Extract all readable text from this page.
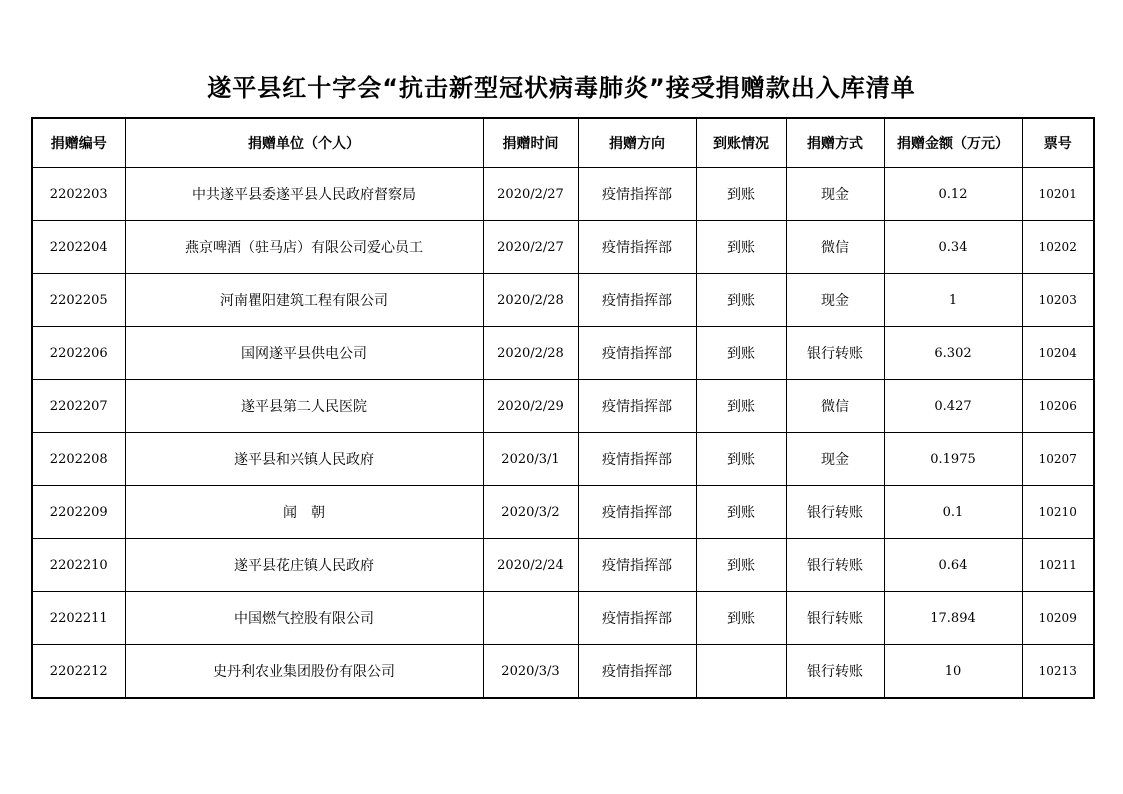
遂平县红十字会“抗击新型冠状病毒肺炎”接受捐赠款出入库清单
捐赠编号	捐赠单位（个人）	捐赠时间	捐赠方向	到账情况	捐赠方式	捐赠金额（万元）	票号
2202203	中共遂平县委遂平县人民政府督察局	2020/2/27	疫情指挥部	到账	现金	0.12	10201
2202204	燕京啤酒（驻马店）有限公司爱心员工	2020/2/27	疫情指挥部	到账	微信	0.34	10202
2202205	河南瞿阳建筑工程有限公司	2020/2/28	疫情指挥部	到账	现金	1	10203
2202206	国网遂平县供电公司	2020/2/28	疫情指挥部	到账	银行转账	6.302	10204
2202207	遂平县第二人民医院	2020/2/29	疫情指挥部	到账	微信	0.427	10206
2202208	遂平县和兴镇人民政府	2020/3/1	疫情指挥部	到账	现金	0.1975	10207
2202209	闻　朝	2020/3/2	疫情指挥部	到账	银行转账	0.1	10210
2202210	遂平县花庄镇人民政府	2020/2/24	疫情指挥部	到账	银行转账	0.64	10211
2202211	中国燃气控股有限公司		疫情指挥部	到账	银行转账	17.894	10209
2202212	史丹利农业集团股份有限公司	2020/3/3	疫情指挥部		银行转账	10	10213
